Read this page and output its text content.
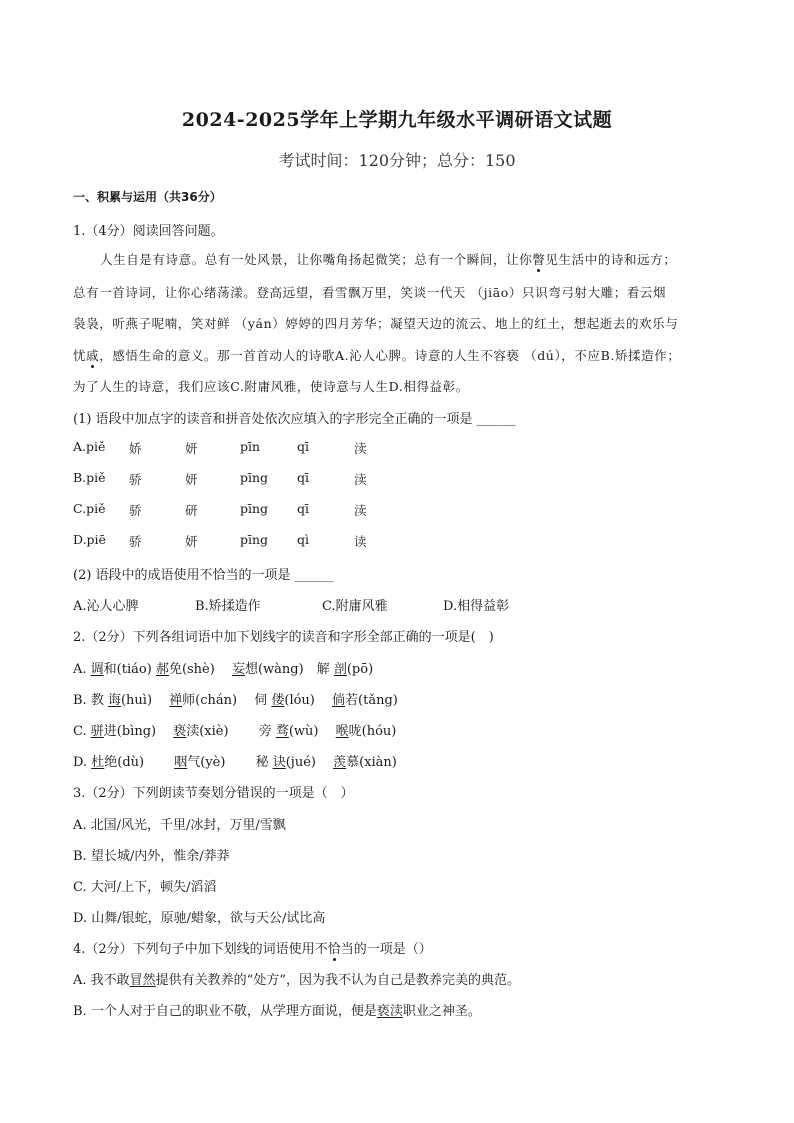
2024-2025学年上学期九年级水平调研语文试题
考试时间：120分钟；总分：150
一、积累与运用（共36分）
1.（4分）阅读回答问题。
人生自是有诗意。总有一处风景，让你嘴角扬起微笑；总有一个瞬间，让你瞥见生活中的诗和远方；
总有一首诗词，让你心绪荡漾。登高远望，看雪飘万里，笑谈一代天 （jiāo）只识弯弓射大雕；看云烟
袅袅，听燕子呢喃，笑对鲜 （yán）婷婷的四月芳华；凝望天边的流云、地上的红土，想起逝去的欢乐与
忧戚，感悟生命的意义。那一首首动人的诗歌A.沁人心脾。诗意的人生不容亵 （dú），不应B.矫揉造作；
为了人生的诗意，我们应该C.附庸风雅，使诗意与人生D.相得益彰。
(1) 语段中加点字的读音和拼音处依次应填入的字形完全正确的一项是 ______
A.piě 娇	妍	pīn	qī	渎
B.piě 骄	妍	pīng qī	渎
C.piě 骄	研	pīng qī	渎
D.piē 骄	妍	pīng qì	读
(2) 语段中的成语使用不恰当的一项是 ______
A.沁人心脾	B.矫揉造作	C.附庸风雅	D.相得益彰
2.（2分）下列各组词语中加下划线字的读音和字形全部正确的一项是(　)
A. 调和(tiáo) 郝免(shè)　 妄想(wàng)　解 剖(pō)
B. 教 诲(huì)　 禅师(chán)　 伺 偻(lóu)　 倘若(tǎng)
C. 骈进(bìng)　 亵渎(xiè)　　 旁 骛(wù)　 喉咙(hóu)
D. 杜绝(dù)　　 咽气(yè)　　 秘 诀(jué)　 羡慕(xiàn)
3.（2分）下列朗读节奏划分错误的一项是（　）
A. 北国/风光，千里/冰封，万里/雪飘
B. 望长城/内外，惟余/莽莽
C. 大河/上下，顿失/滔滔
D. 山舞/银蛇，原驰/蜡象，欲与天公/试比高
4.（2分）下列句子中加下划线的词语使用不恰当的一项是（）
A. 我不敢冒然提供有关教养的“处方”，因为我不认为自己是教养完美的典范。
B. 一个人对于自己的职业不敬，从学理方面说，便是亵渎职业之神圣。
